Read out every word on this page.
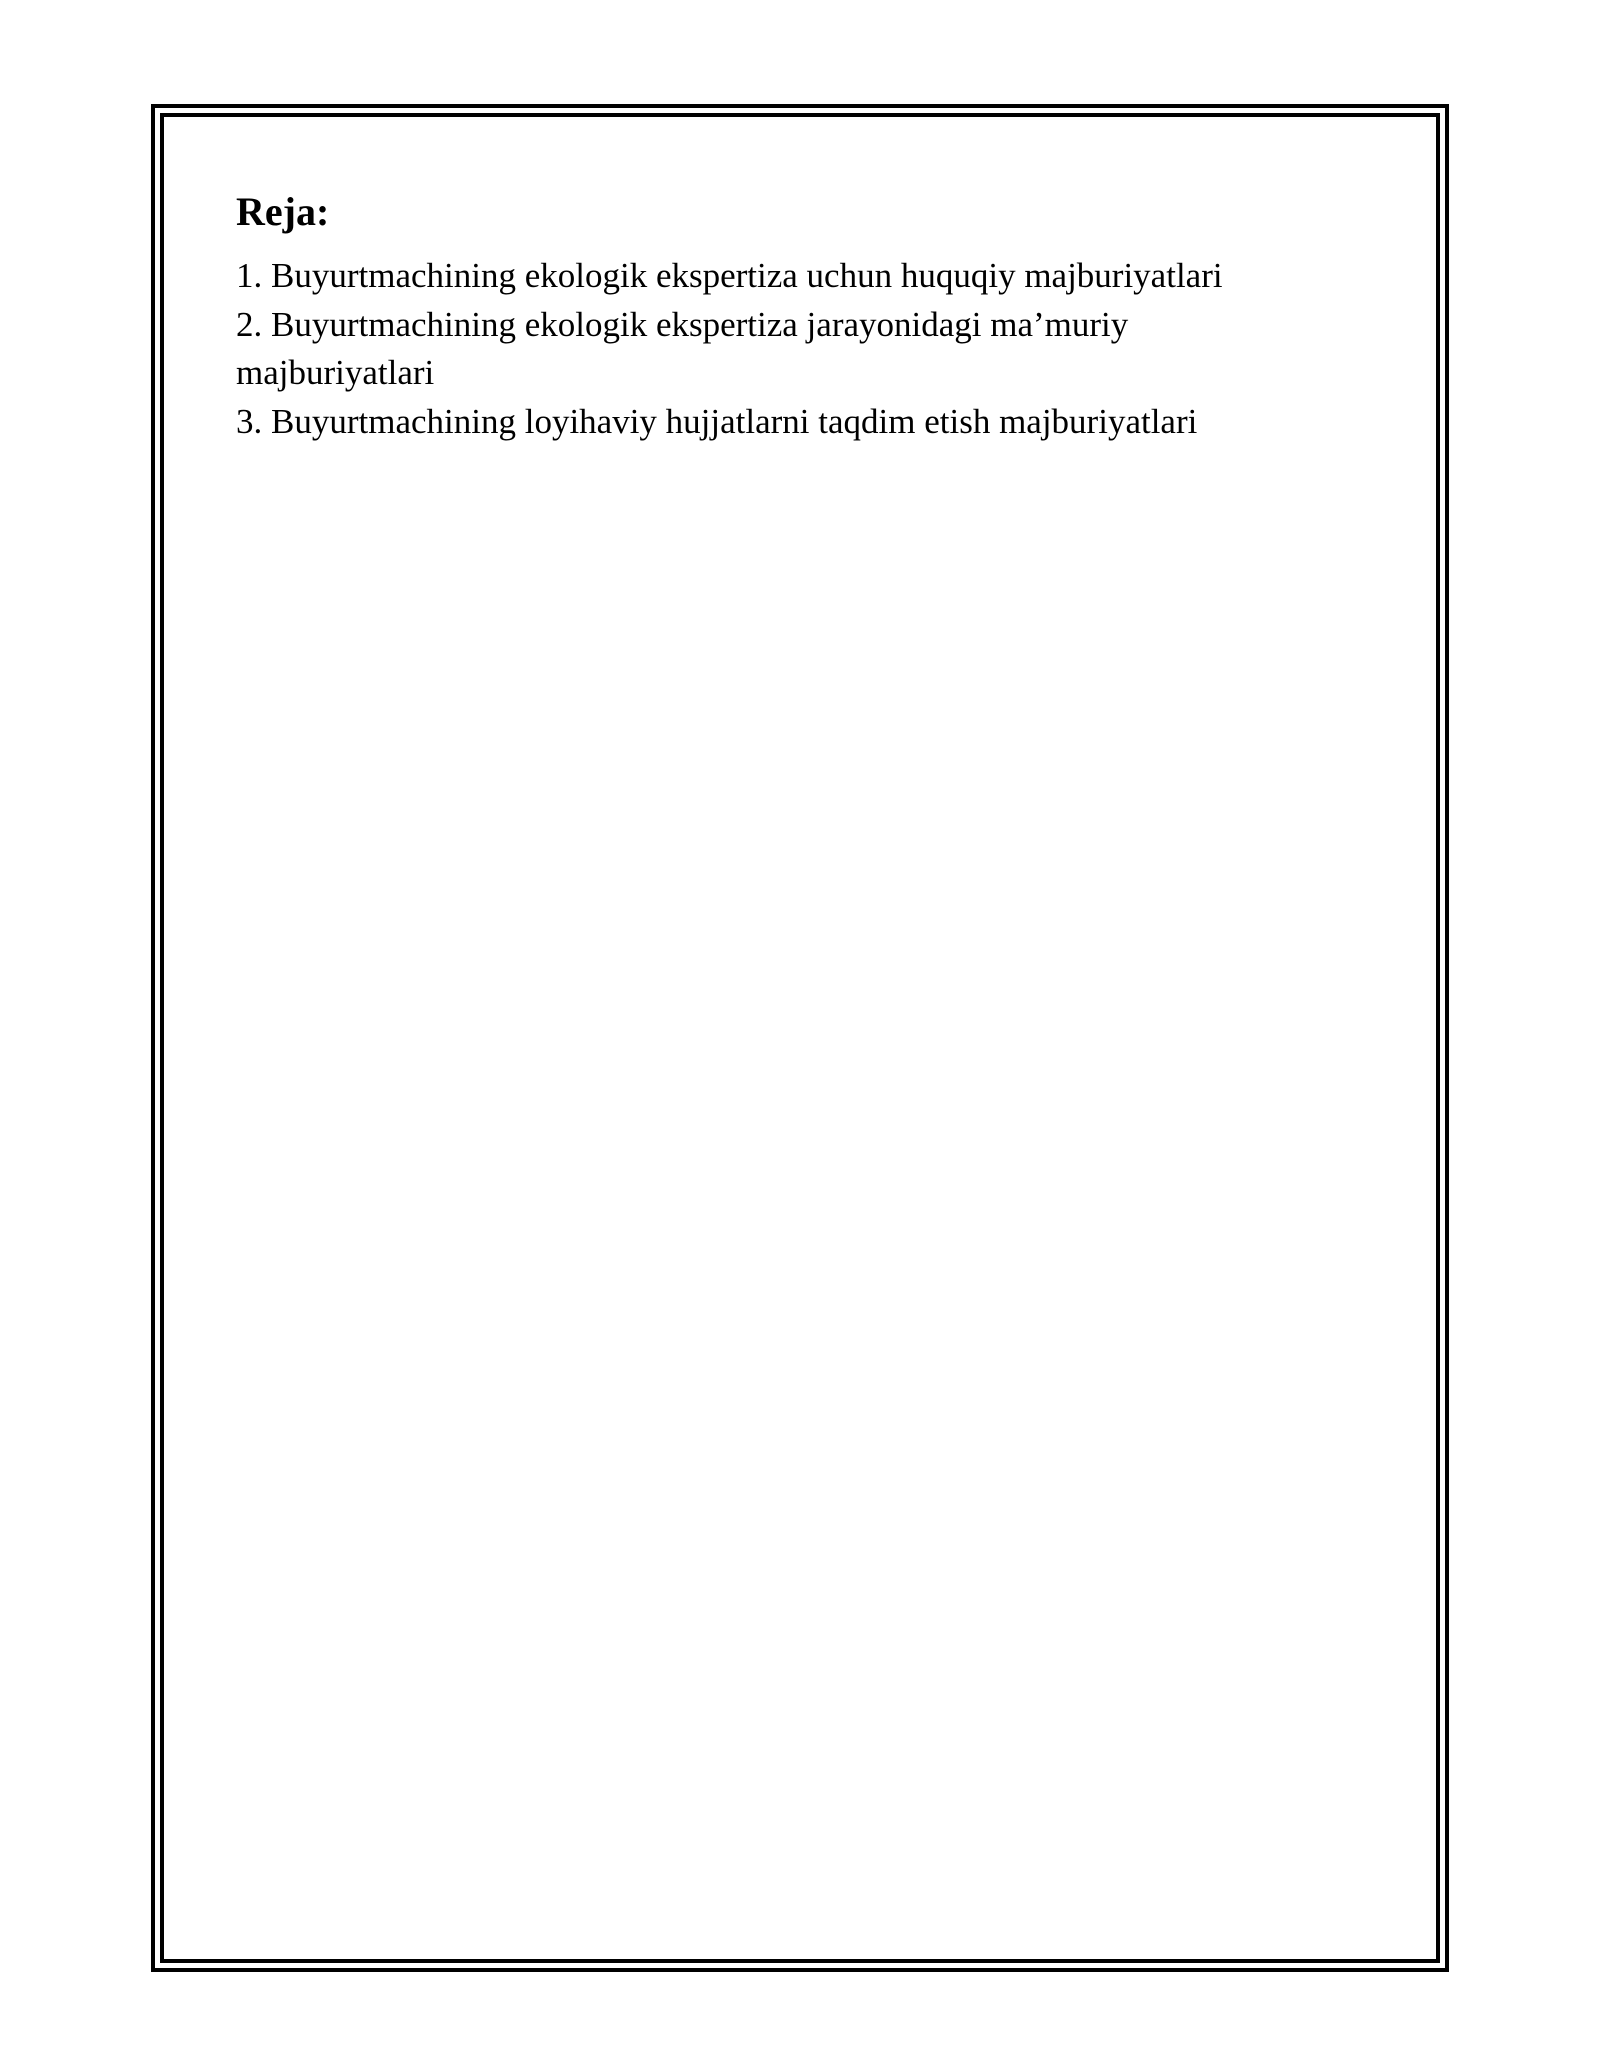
Reja:
1. Buyurtmachining ekologik ekspertiza uchun huquqiy majburiyatlari
2. Buyurtmachining ekologik ekspertiza jarayonidagi ma’muriy majburiyatlari
3. Buyurtmachining loyihaviy hujjatlarni taqdim etish majburiyatlari
